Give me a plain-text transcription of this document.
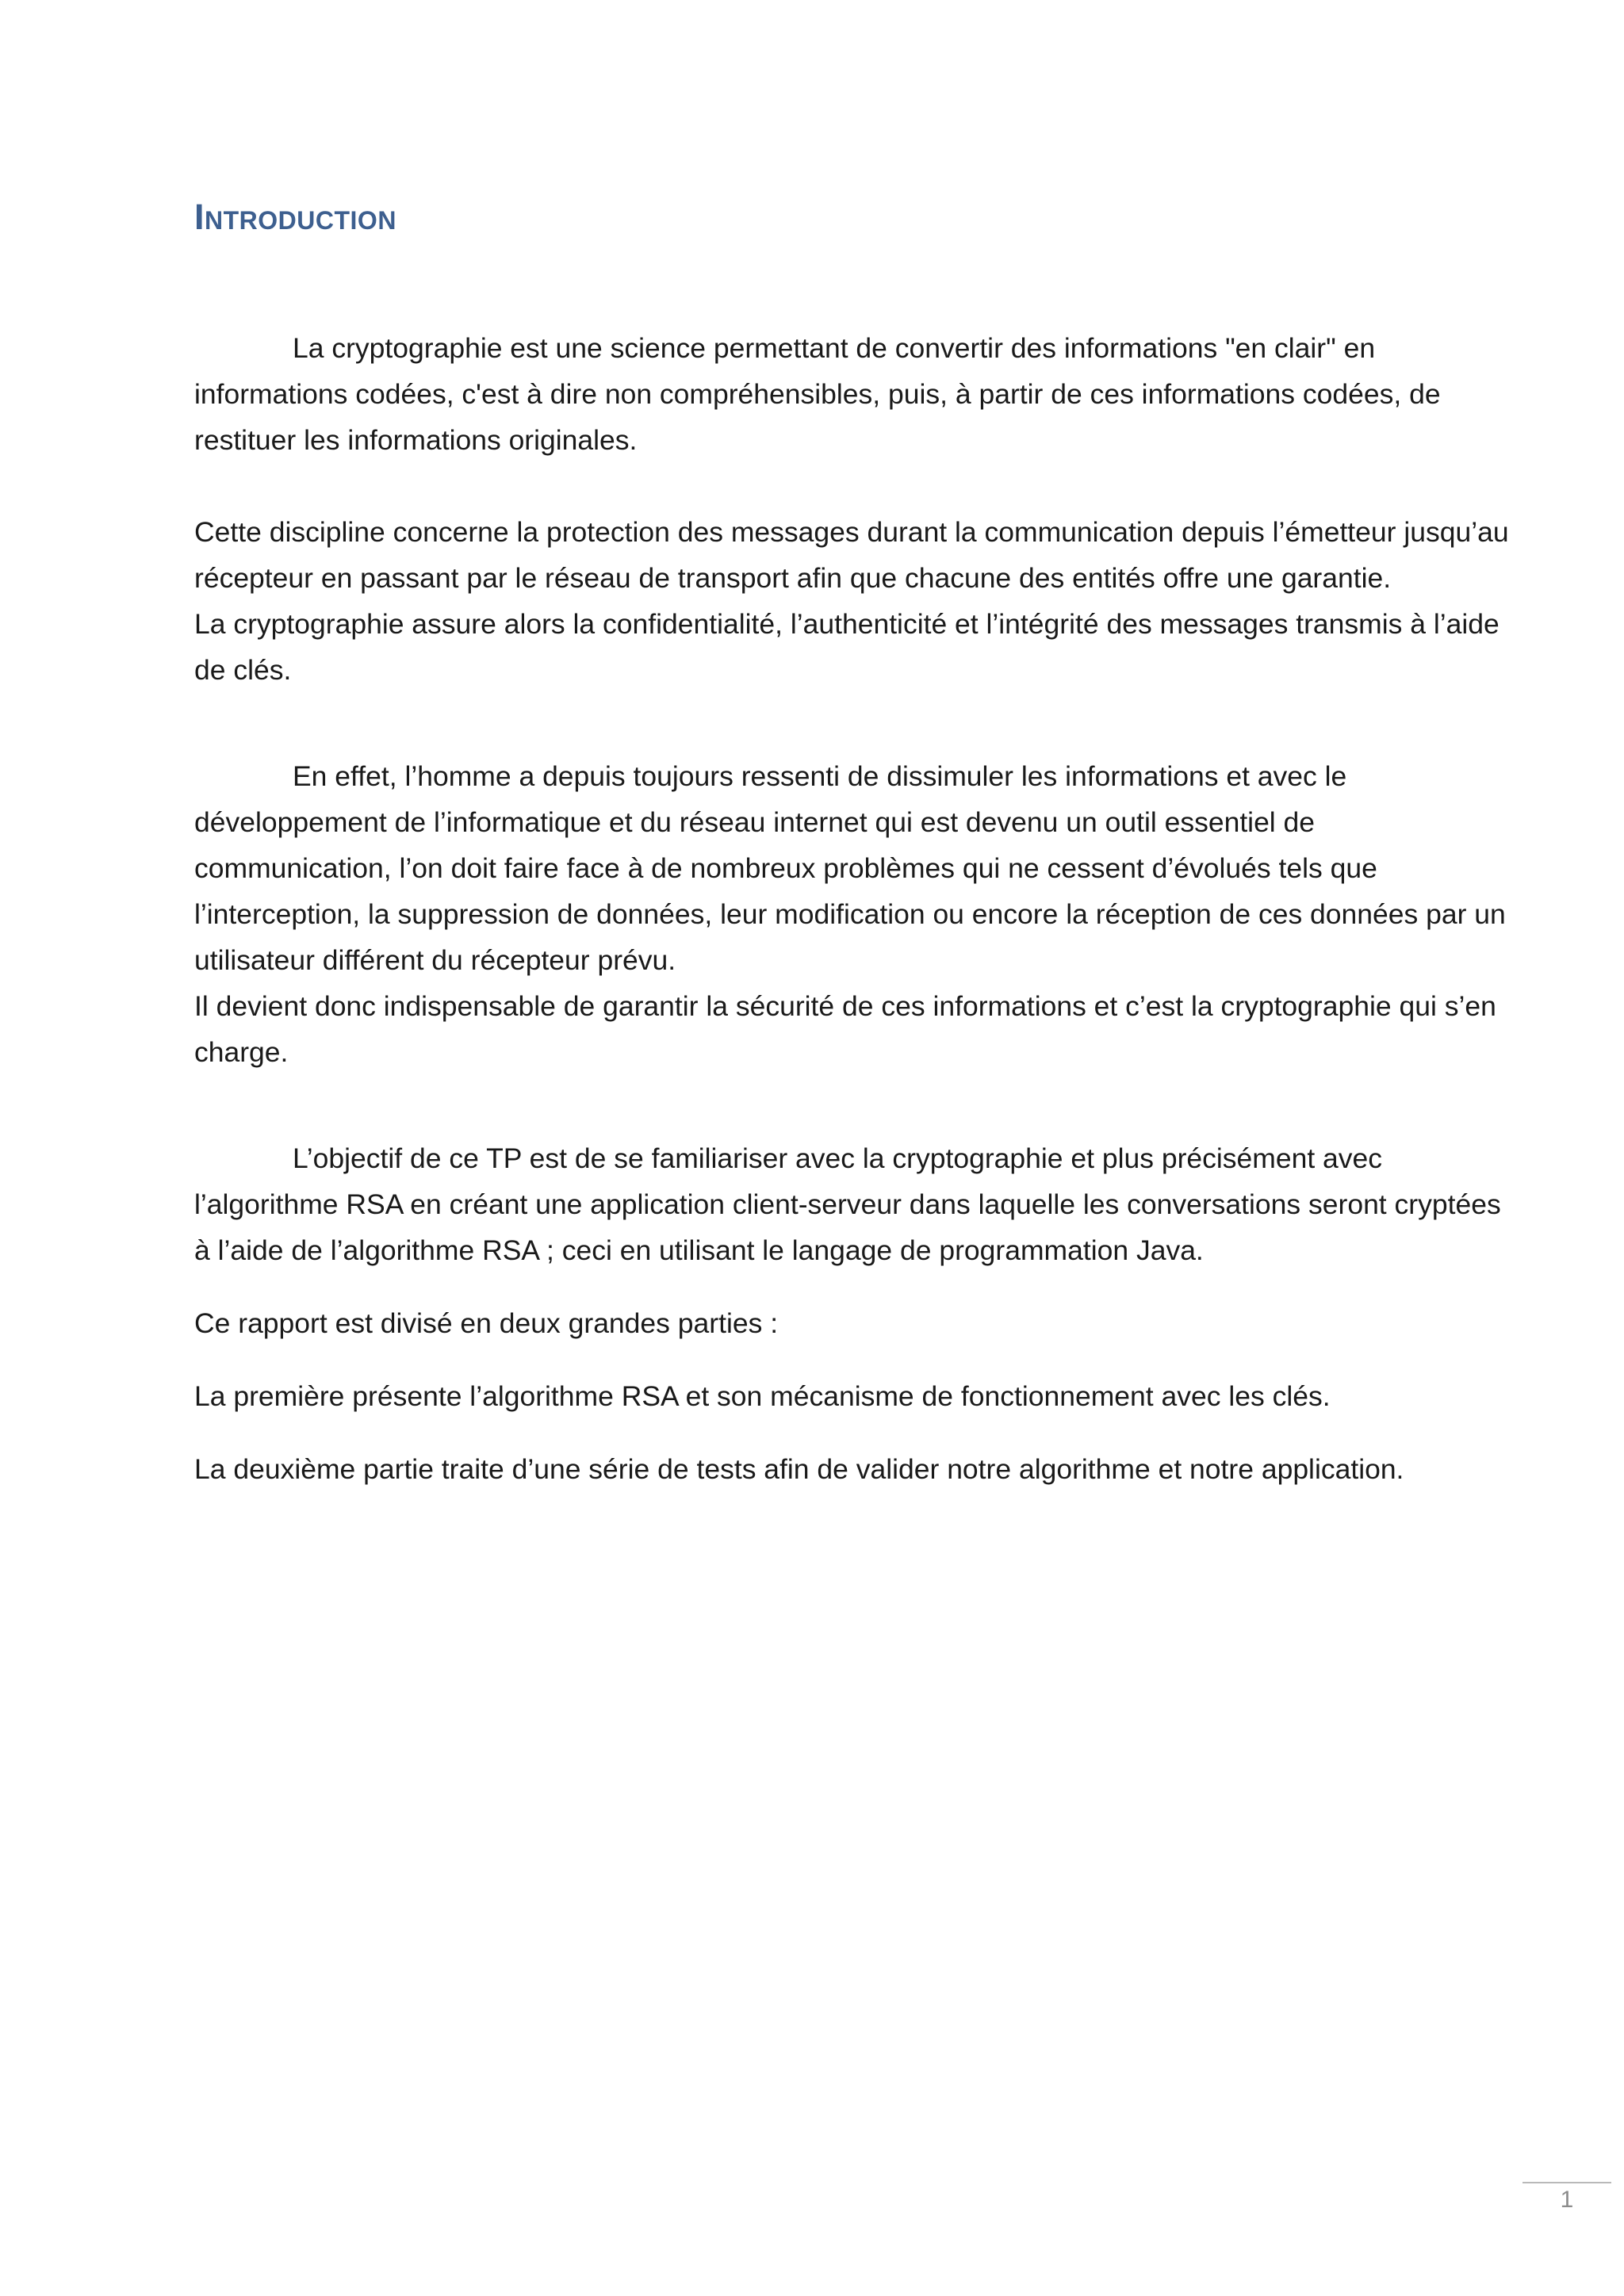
Introduction

La cryptographie est une science permettant de convertir des informations "en clair" en informations codées, c'est à dire non compréhensibles, puis, à partir de ces informations codées, de restituer les informations originales.

Cette discipline concerne la protection des messages durant la communication depuis l’émetteur jusqu’au récepteur en passant par le réseau de transport afin que chacune des entités offre une garantie.

La cryptographie assure alors la confidentialité, l’authenticité et l’intégrité des messages transmis à l’aide de clés.

En effet, l’homme a depuis toujours ressenti de dissimuler les informations et avec le développement de l’informatique et du réseau internet qui est devenu un outil essentiel de communication, l’on doit faire face à de nombreux problèmes qui ne cessent d’évolués tels que l’interception, la suppression de données, leur modification ou encore la réception de ces données par un utilisateur différent du récepteur prévu.

Il devient donc indispensable de garantir la sécurité de ces informations et c’est la cryptographie qui s’en charge.

L’objectif de ce TP est de se familiariser avec la cryptographie et plus précisément avec l’algorithme RSA en créant une application client-serveur dans laquelle les conversations seront cryptées à l’aide de l’algorithme RSA ; ceci en utilisant le langage de programmation Java.

Ce rapport est divisé en deux grandes parties :

La première présente l’algorithme RSA et son mécanisme de fonctionnement avec les clés.

La deuxième partie traite d’une série de tests afin de valider notre algorithme et notre application.

1
